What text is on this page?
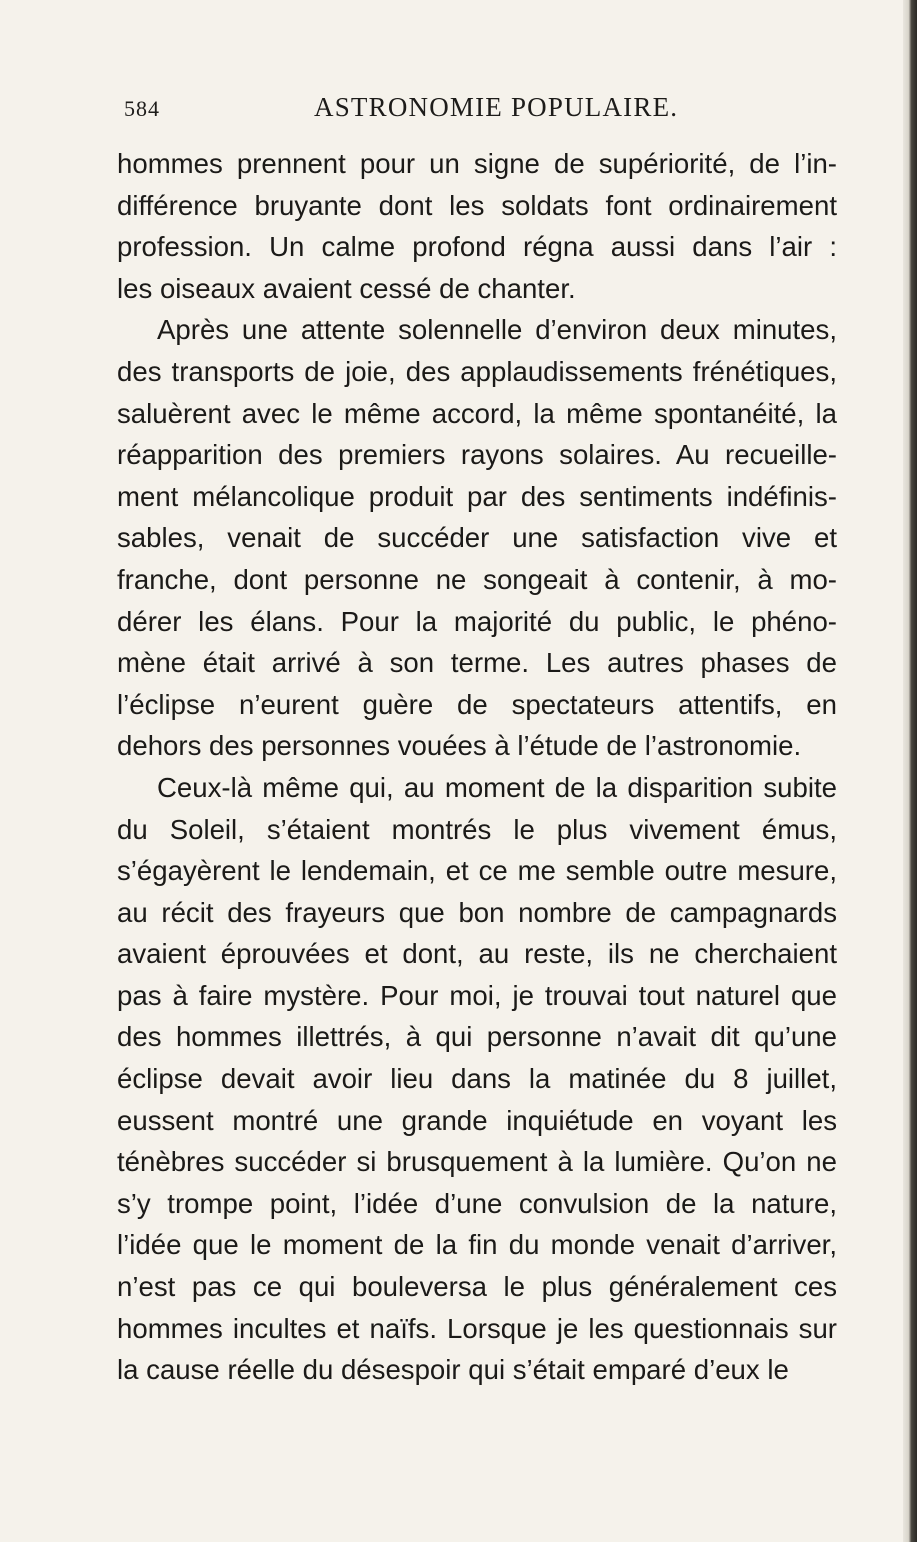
584	ASTRONOMIE POPULAIRE.
hommes prennent pour un signe de supériorité, de l’in-
différence bruyante dont les soldats font ordinairement
profession. Un calme profond régna aussi dans l’air :
les oiseaux avaient cessé de chanter.
Après une attente solennelle d’environ deux minutes,
des transports de joie, des applaudissements frénétiques,
saluèrent avec le même accord, la même spontanéité, la
réapparition des premiers rayons solaires. Au recueille-
ment mélancolique produit par des sentiments indéfinis-
sables, venait de succéder une satisfaction vive et
franche, dont personne ne songeait à contenir, à mo-
dérer les élans. Pour la majorité du public, le phéno-
mène était arrivé à son terme. Les autres phases de
l’éclipse n’eurent guère de spectateurs attentifs, en
dehors des personnes vouées à l’étude de l’astronomie.
Ceux-là même qui, au moment de la disparition subite
du Soleil, s’étaient montrés le plus vivement émus,
s’égayèrent le lendemain, et ce me semble outre mesure,
au récit des frayeurs que bon nombre de campagnards
avaient éprouvées et dont, au reste, ils ne cherchaient
pas à faire mystère. Pour moi, je trouvai tout naturel que
des hommes illettrés, à qui personne n’avait dit qu’une
éclipse devait avoir lieu dans la matinée du 8 juillet,
eussent montré une grande inquiétude en voyant les
ténèbres succéder si brusquement à la lumière. Qu’on ne
s’y trompe point, l’idée d’une convulsion de la nature,
l’idée que le moment de la fin du monde venait d’arriver,
n’est pas ce qui bouleversa le plus généralement ces
hommes incultes et naïfs. Lorsque je les questionnais sur
la cause réelle du désespoir qui s’était emparé d’eux le
